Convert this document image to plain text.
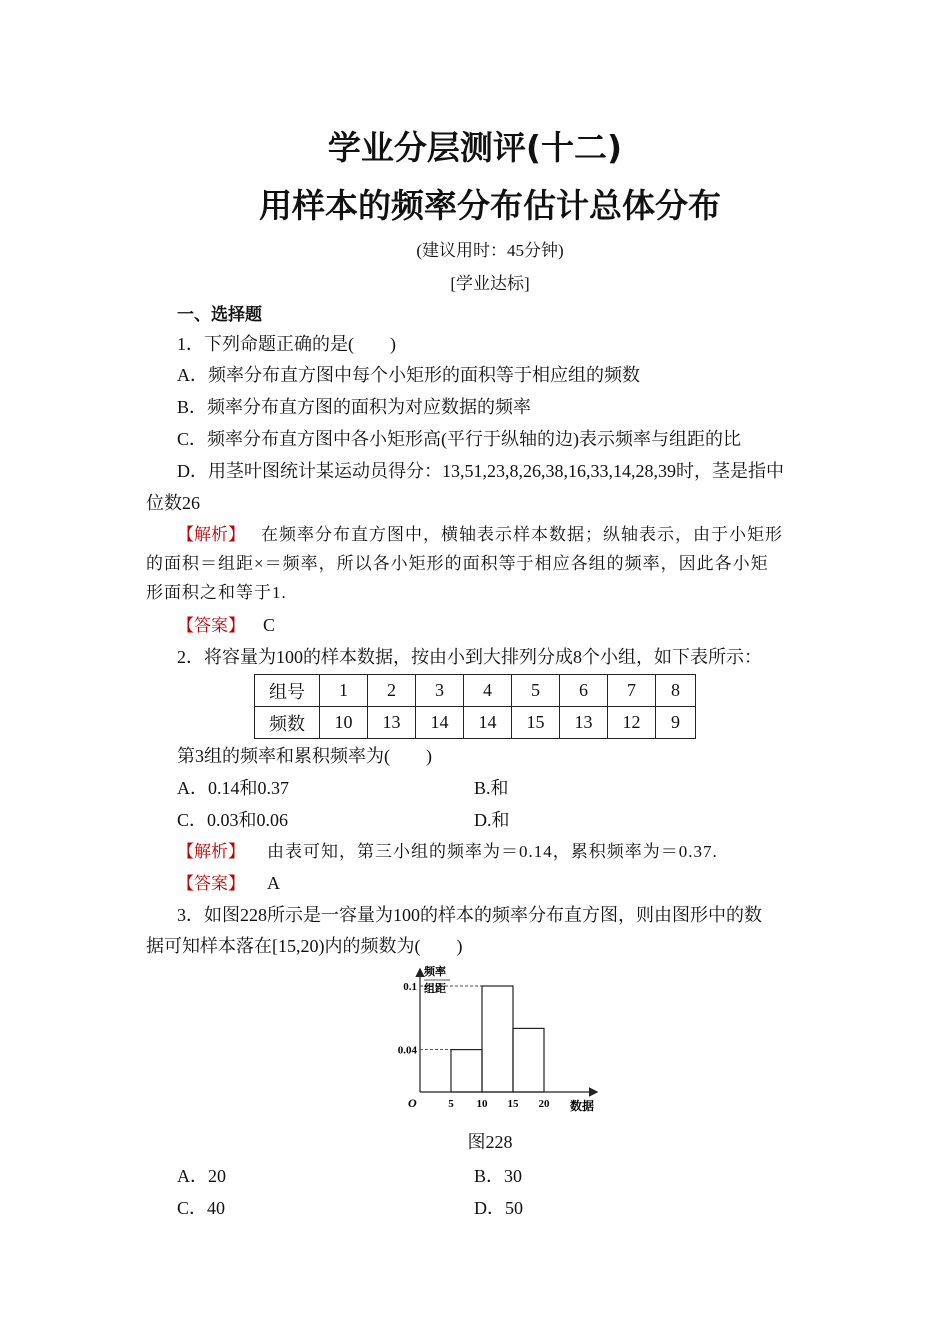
学业分层测评(十二)
用样本的频率分布估计总体分布
(建议用时：45分钟)
[学业达标]
一、选择题
1．下列命题正确的是(　　)
A．频率分布直方图中每个小矩形的面积等于相应组的频数
B．频率分布直方图的面积为对应数据的频率
C．频率分布直方图中各小矩形高(平行于纵轴的边)表示频率与组距的比
D．用茎叶图统计某运动员得分：13,51,23,8,26,38,16,33,14,28,39时，茎是指中
位数26
【解析】 在频率分布直方图中，横轴表示样本数据；纵轴表示，由于小矩形
的面积＝组距×＝频率，所以各小矩形的面积等于相应各组的频率，因此各小矩
形面积之和等于1.
【答案】 C
2．将容量为100的样本数据，按由小到大排列分成8个小组，如下表所示：
组号	1	2	3	4	5	6	7	8
频数	10	13	14	14	15	13	12	9
第3组的频率和累积频率为(　　)
A．0.14和0.37	B.和
C．0.03和0.06	D.和
【解析】 由表可知，第三小组的频率为＝0.14，累积频率为＝0.37.
【答案】 A
3．如图228所示是一容量为100的样本的频率分布直方图，则由图形中的数
据可知样本落在[15,20)内的频数为(　　)
0.04
0.1
5 10 15 20
频率
组距
O	数据
图228
A．20	B．30
C．40	D．50
